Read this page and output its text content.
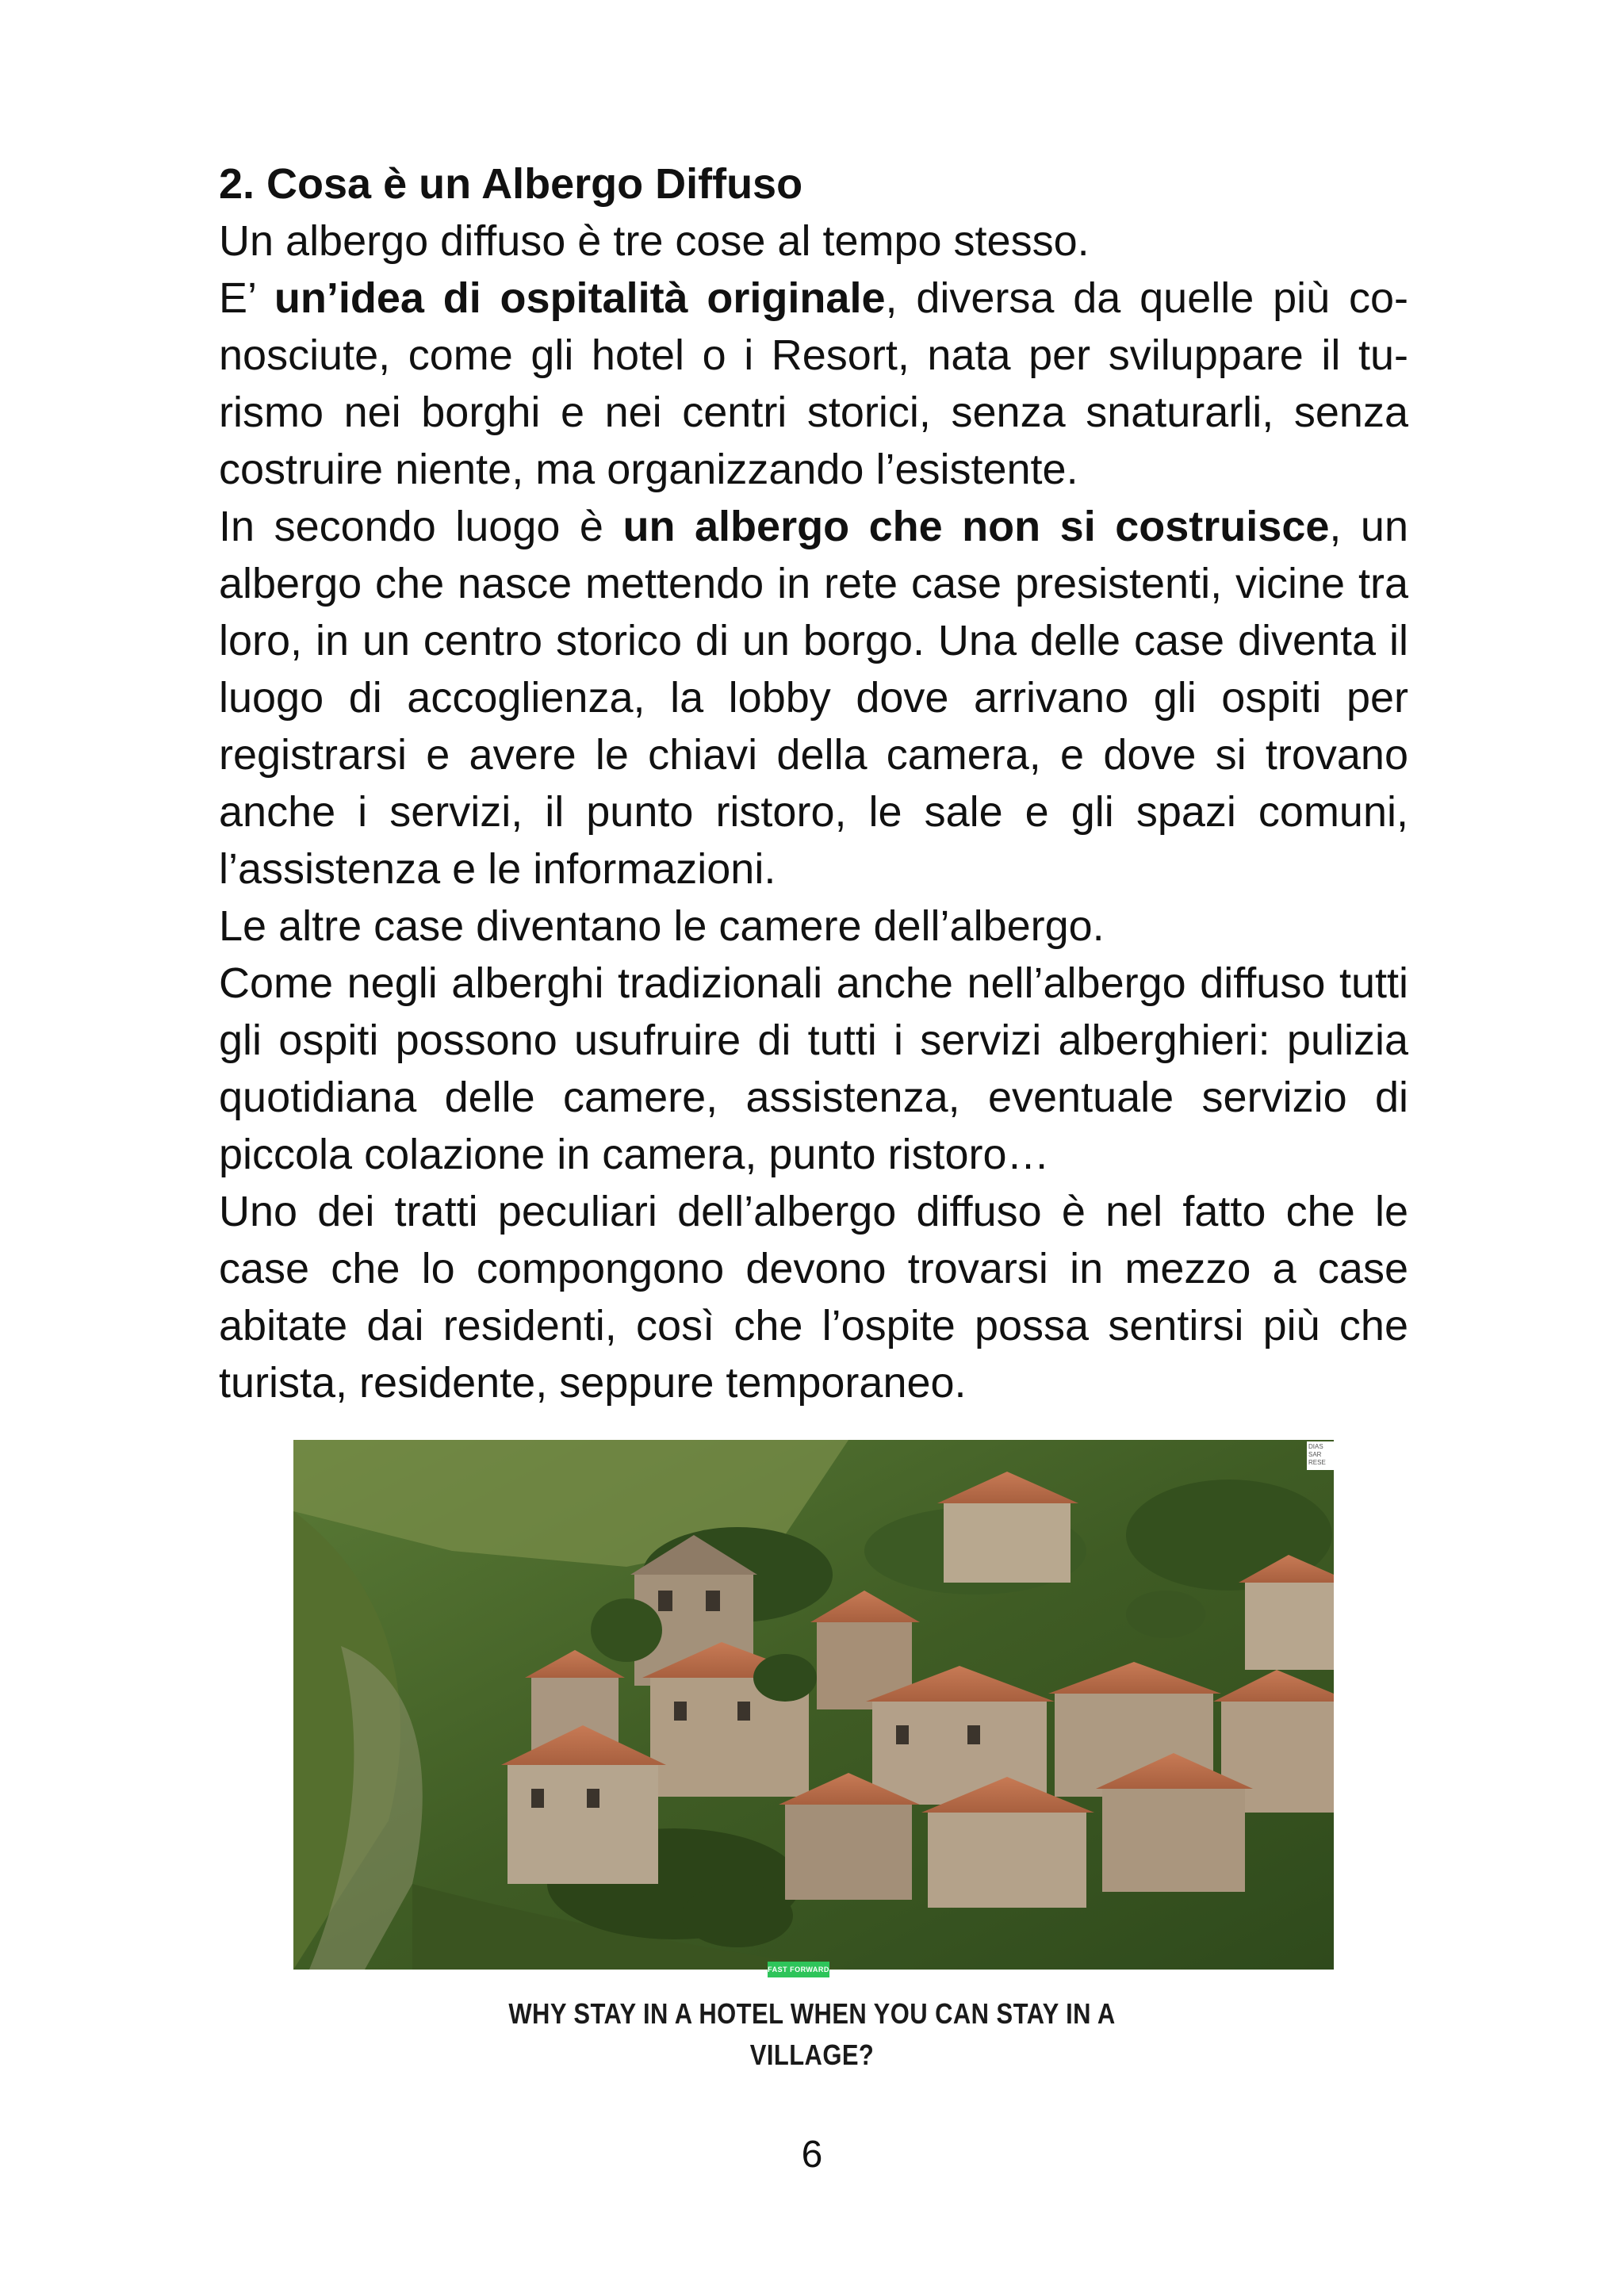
2. Cosa è un Albergo Diffuso

Un albergo diffuso è tre cose al tempo stesso.

E’ un’idea di ospitalità originale, diversa da quelle più conosciute, come gli hotel o i Resort, nata per sviluppare il turismo nei borghi e nei centri storici, senza snaturarli, senza costruire niente, ma organizzando l’esistente.

In secondo luogo è un albergo che non si costruisce, un albergo che nasce mettendo in rete case presistenti, vicine tra loro, in un centro storico di un borgo. Una delle case diventa il luogo di accoglienza, la lobby dove arrivano gli ospiti per registrarsi e avere le chiavi della camera, e dove si trovano anche i servizi, il punto ristoro, le sale e gli spazi comuni, l’assistenza e le informazioni.

Le altre case diventano le camere dell’albergo.

Come negli alberghi tradizionali anche nell’albergo diffuso tutti gli ospiti possono usufruire di tutti i servizi alberghieri: pulizia quotidiana delle camere, assistenza, eventuale servizio di piccola colazione in camera, punto ristoro…

Uno dei tratti peculiari dell’albergo diffuso è nel fatto che le case che lo compongono devono trovarsi in mezzo a case abitate dai residenti, così che l’ospite possa sentirsi più che turista, residente, seppure temporaneo.

DIAS SAR RESE
FAST FORWARD
WHY STAY IN A HOTEL WHEN YOU CAN STAY IN A VILLAGE?
6
